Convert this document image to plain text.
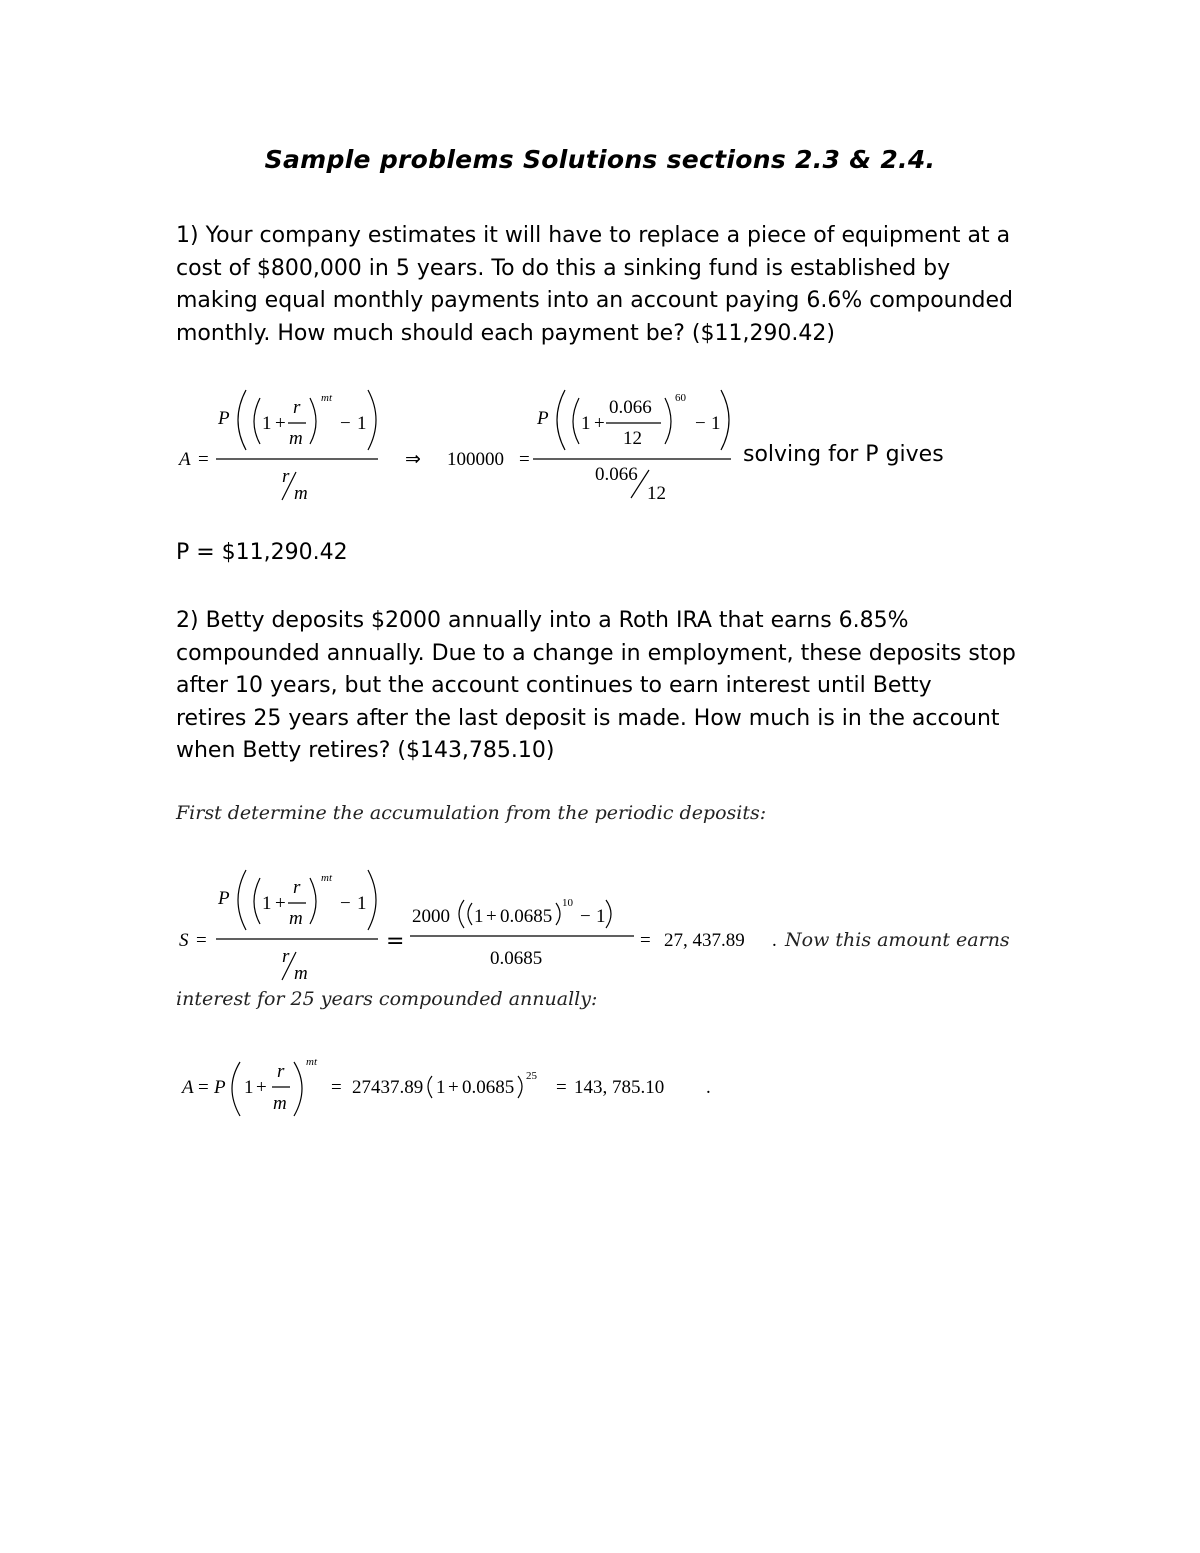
Sample problems Solutions sections 2.3 & 2.4.

1) Your company estimates it will have to replace a piece of equipment at a

cost of $800,000 in 5 years. To do this a sinking fund is established by

making equal monthly payments into an account paying 6.6% compounded

monthly. How much should each payment be? ($11,290.42)

A =
P 1 +
r
m
mt
− 1
r
m
⇒ 100000 =
P 1 +
0.066
12
60
− 1
0.066
12
solving for P gives
P = $11,290.42

2) Betty deposits $2000 annually into a Roth IRA that earns 6.85%

compounded annually. Due to a change in employment, these deposits stop

after 10 years, but the account continues to earn interest until Betty

retires 25 years after the last deposit is made. How much is in the account

when Betty retires? ($143,785.10)

First determine the accumulation from the periodic deposits:
S =
P 1 +
r
m
mt
− 1
r
m
=
2000 1 + 0.0685
10
− 1
0.0685
= 27, 437.89 . Now this amount earns
interest for 25 years compounded annually:
A = P 1 +
r
m
mt
= 27437.89 1 + 0.0685
25
= 143, 785.10 .
